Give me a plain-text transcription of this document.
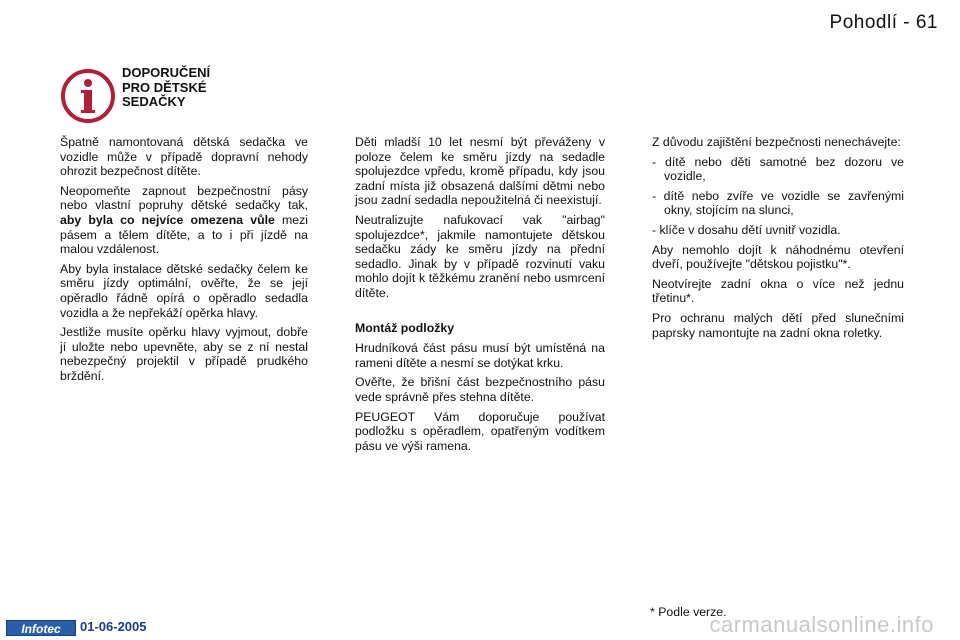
Pohodlí - 61
DOPORUČENÍ
PRO DĚTSKÉ
SEDAČKY

Špatně namontovaná dětská sedačka ve vozidle může v případě dopravní nehody ohrozit bezpečnost dítěte.

Neopomeňte zapnout bezpečnostní pásy nebo vlastní popruhy dětské sedačky tak, aby byla co nejvíce omezena vůle mezi pásem a tělem dítěte, a to i při jízdě na malou vzdálenost.

Aby byla instalace dětské sedačky čelem ke směru jízdy optimální, ověřte, že se její opěradlo řádně opírá o opěradlo sedadla vozidla a že nepřekáží opěrka hlavy.

Jestliže musíte opěrku hlavy vyjmout, dobře jí uložte nebo upevněte, aby se z ní nestal nebezpečný projektil v případě prudkého brždění.

Děti mladší 10 let nesmí být převáženy v poloze čelem ke směru jízdy na sedadle spolujezdce vpředu, kromě případu, kdy jsou zadní místa již obsazená dalšími dětmi nebo jsou zadní sedadla nepoužitelná či neexistují.

Neutralizujte nafukovací vak "airbag" spolujezdce*, jakmile namontujete dětskou sedačku zády ke směru jízdy na přední sedadlo. Jinak by v případě rozvinutí vaku mohlo dojít k těžkému zranění nebo usmrcení dítěte.

Montáž podložky

Hrudníková část pásu musí být umístěná na rameni dítěte a nesmí se dotýkat krku.

Ověřte, že břišní část bezpečnostního pásu vede správně přes stehna dítěte.

PEUGEOT Vám doporučuje používat podložku s opěradlem, opatřeným vodítkem pásu ve výši ramena.

Z důvodu zajištění bezpečnosti nenechávejte:

- dítě nebo děti samotné bez dozoru ve vozidle,

- dítě nebo zvíře ve vozidle se zavřenými okny, stojícím na slunci,

- klíče v dosahu dětí uvnitř vozidla.

Aby nemohlo dojít k náhodnému otevření dveří, používejte "dětskou pojistku"*.

Neotvírejte zadní okna o více než jednu třetinu*.

Pro ochranu malých dětí před slunečními paprsky namontujte na zadní okna roletky.

* Podle verze.
Infotec	01-06-2005	carmanualsonline.info
